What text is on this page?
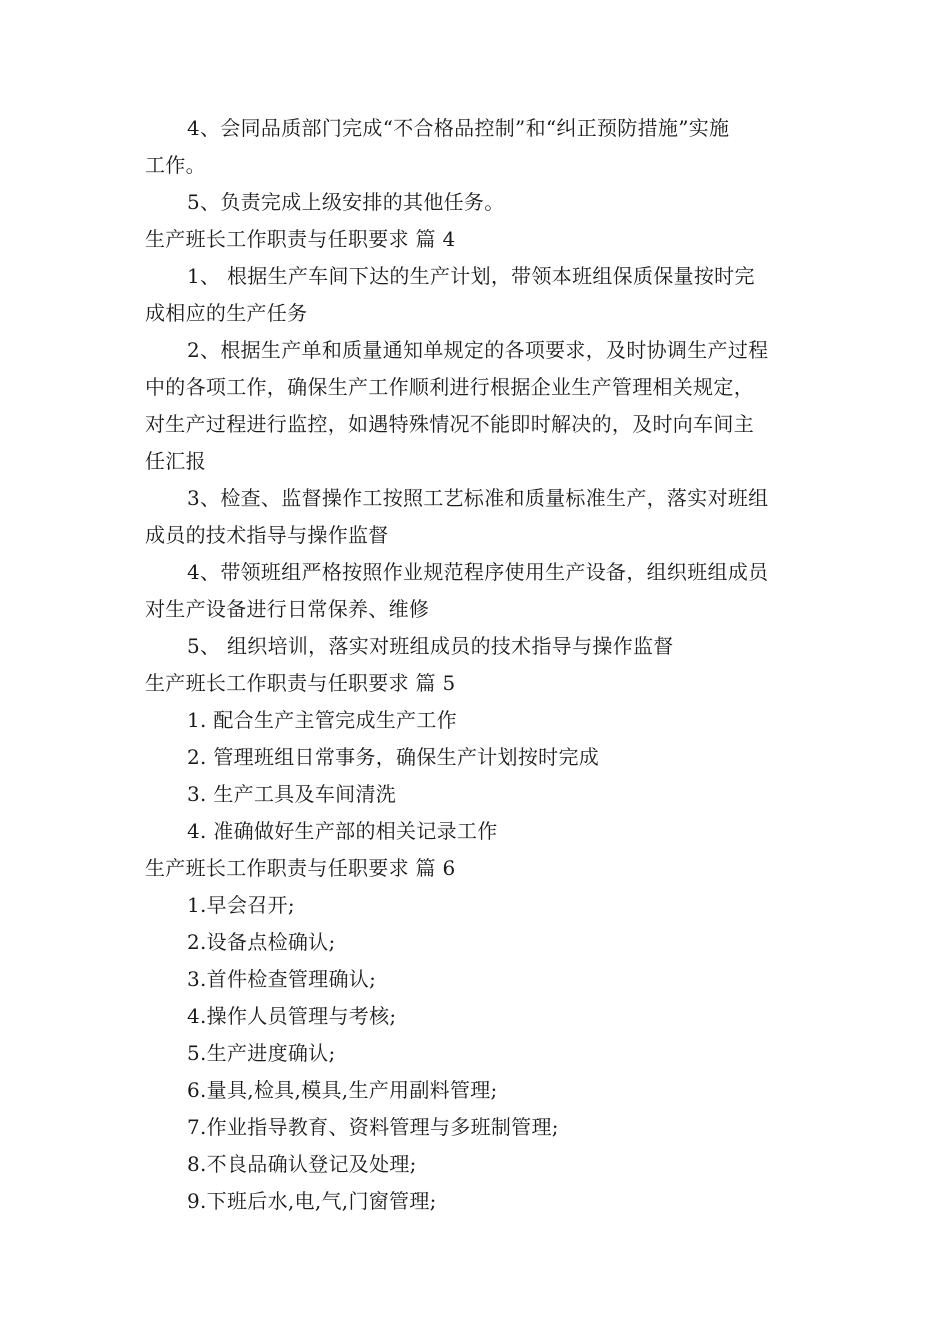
4、会同品质部门完成“不合格品控制”和“纠正预防措施”实施
工作。
5、负责完成上级安排的其他任务。
生产班长工作职责与任职要求 篇 4
1、 根据生产车间下达的生产计划，带领本班组保质保量按时完
成相应的生产任务
2、根据生产单和质量通知单规定的各项要求，及时协调生产过程
中的各项工作，确保生产工作顺利进行根据企业生产管理相关规定，
对生产过程进行监控，如遇特殊情况不能即时解决的，及时向车间主
任汇报
3、检查、监督操作工按照工艺标准和质量标准生产，落实对班组
成员的技术指导与操作监督
4、带领班组严格按照作业规范程序使用生产设备，组织班组成员
对生产设备进行日常保养、维修
5、 组织培训，落实对班组成员的技术指导与操作监督
生产班长工作职责与任职要求 篇 5
1. 配合生产主管完成生产工作
2. 管理班组日常事务，确保生产计划按时完成
3. 生产工具及车间清洗
4. 准确做好生产部的相关记录工作
生产班长工作职责与任职要求 篇 6
1.早会召开;
2.设备点检确认;
3.首件检查管理确认;
4.操作人员管理与考核;
5.生产进度确认;
6.量具,检具,模具,生产用副料管理;
7.作业指导教育、资料管理与多班制管理;
8.不良品确认登记及处理;
9.下班后水,电,气,门窗管理;
